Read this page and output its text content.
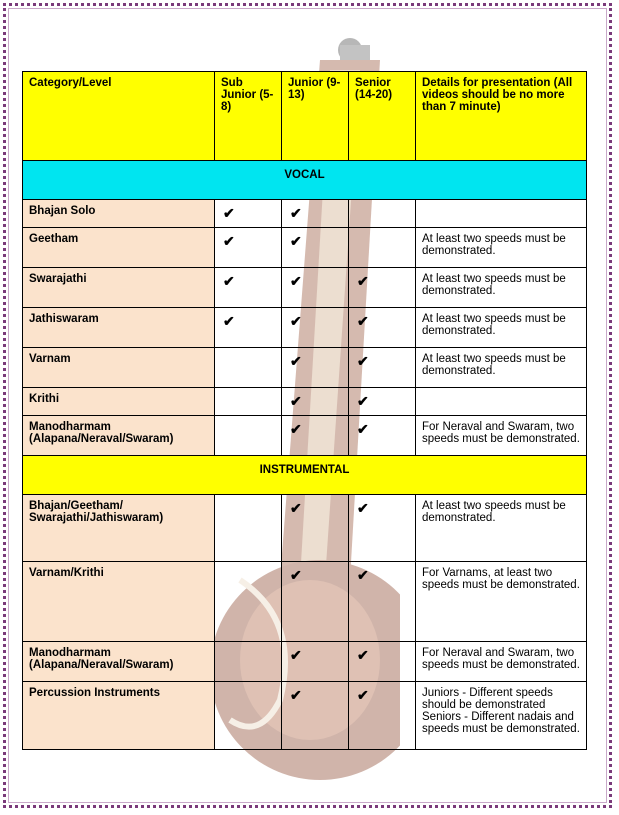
Category/Level	Sub Junior (5-8)	Junior (9-13)	Senior (14-20)	Details for presentation (All videos should be no more than 7 minute)
VOCAL				
Bhajan Solo	✔	✔		
Geetham	✔	✔		At least two speeds must be demonstrated.
Swarajathi	✔	✔	✔	At least two speeds must be demonstrated.
Jathiswaram	✔	✔	✔	At least two speeds must be demonstrated.
Varnam		✔	✔	At least two speeds must be demonstrated.
Krithi		✔	✔	
Manodharmam (Alapana/Neraval/Swaram)		✔	✔	For Neraval and Swaram, two speeds must be demonstrated.
INSTRUMENTAL				
Bhajan/Geetham/ Swarajathi/Jathiswaram)		✔	✔	At least two speeds must be demonstrated.
Varnam/Krithi		✔	✔	For Varnams, at least two speeds must be demonstrated.
Manodharmam (Alapana/Neraval/Swaram)		✔	✔	For Neraval and Swaram, two speeds must be demonstrated.
Percussion Instruments		✔	✔	Juniors - Different speeds should be demonstrated
Seniors - Different nadais and speeds must be demonstrated.
